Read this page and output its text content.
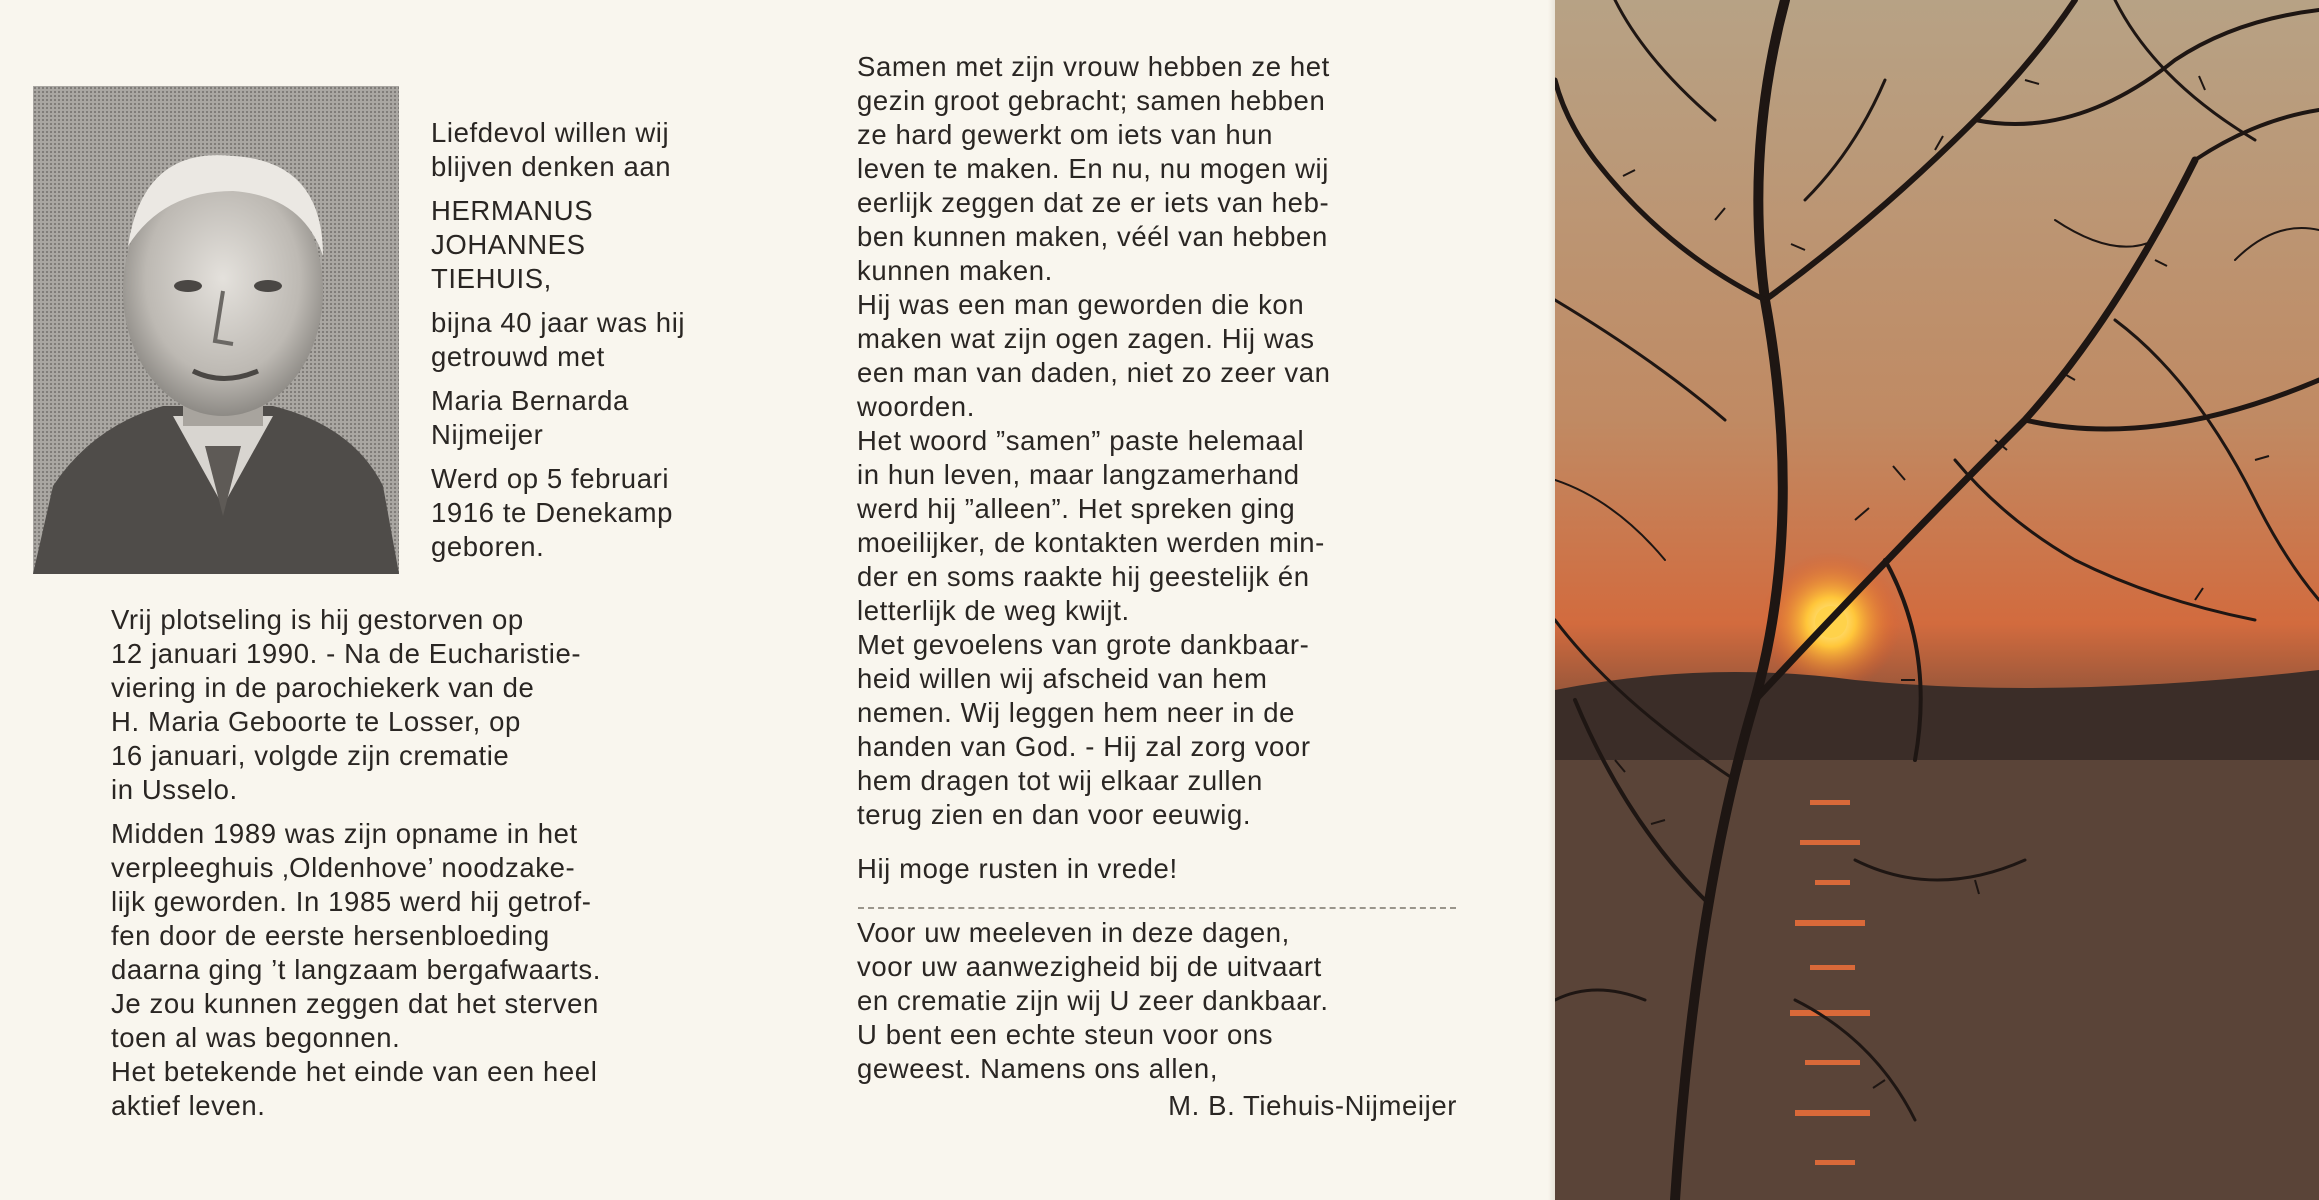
Liefdevol willen wij

blijven denken aan

HERMANUS

JOHANNES

TIEHUIS,

bijna 40 jaar was hij

getrouwd met

Maria Bernarda

Nijmeijer

Werd op 5 februari

1916 te Denekamp

geboren.

Vrij plotseling is hij gestorven op

12 januari 1990. - Na de Eucharistie-

viering in de parochiekerk van de

H. Maria Geboorte te Losser, op

16 januari, volgde zijn crematie

in Usselo.

Midden 1989 was zijn opname in het

verpleeghuis ‚Oldenhove’ noodzake-

lijk geworden. In 1985 werd hij getrof-

fen door de eerste hersenbloeding

daarna ging ’t langzaam bergafwaarts.

Je zou kunnen zeggen dat het sterven

toen al was begonnen.

Het betekende het einde van een heel

aktief leven.

Samen met zijn vrouw hebben ze het

gezin groot gebracht; samen hebben

ze hard gewerkt om iets van hun

leven te maken. En nu, nu mogen wij

eerlijk zeggen dat ze er iets van heb-

ben kunnen maken, véél van hebben

kunnen maken.

Hij was een man geworden die kon

maken wat zijn ogen zagen. Hij was

een man van daden, niet zo zeer van

woorden.

Het woord ”samen” paste helemaal

in hun leven, maar langzamerhand

werd hij ”alleen”. Het spreken ging

moeilijker, de kontakten werden min-

der en soms raakte hij geestelijk én

letterlijk de weg kwijt.

Met gevoelens van grote dankbaar-

heid willen wij afscheid van hem

nemen. Wij leggen hem neer in de

handen van God. - Hij zal zorg voor

hem dragen tot wij elkaar zullen

terug zien en dan voor eeuwig.

Hij moge rusten in vrede!

Voor uw meeleven in deze dagen,

voor uw aanwezigheid bij de uitvaart

en crematie zijn wij U zeer dankbaar.

U bent een echte steun voor ons

geweest. Namens ons allen,

M. B. Tiehuis-Nijmeijer
